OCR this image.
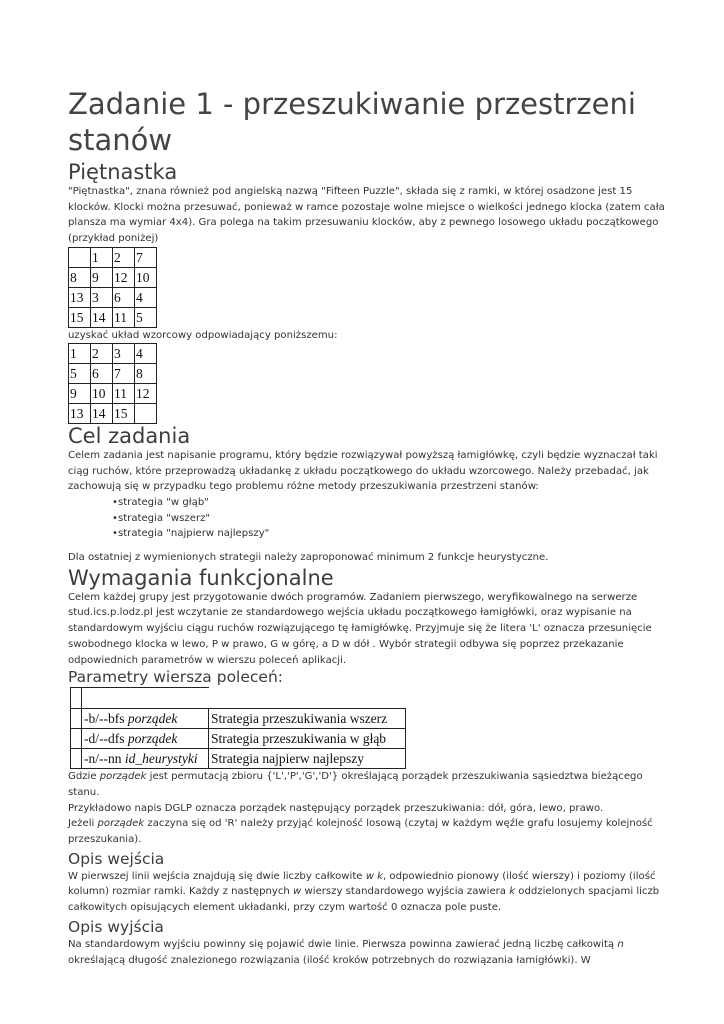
Zadanie 1 - przeszukiwanie przestrzeni stanów
Piętnastka

"Piętnastka", znana również pod angielską nazwą "Fifteen Puzzle", składa się z ramki, w której osadzone jest 15 klocków. Klocki można przesuwać, ponieważ w ramce pozostaje wolne miejsce o wielkości jednego klocka (zatem cała plansza ma wymiar 4x4). Gra polega na takim przesuwaniu klocków, aby z pewnego losowego układu początkowego (przykład poniżej)

	1	2	7
8	9	12	10
13	3	6	4
15	14	11	5
uzyskać układ wzorcowy odpowiadający poniższemu:
1	2	3	4
5	6	7	8
9	10	11	12
13	14	15	
Cel zadania

Celem zadania jest napisanie programu, który będzie rozwiązywał powyższą łamigłówkę, czyli będzie wyznaczał taki ciąg ruchów, które przeprowadzą układankę z układu początkowego do układu wzorcowego. Należy przebadać, jak zachowują się w przypadku tego problemu różne metody przeszukiwania przestrzeni stanów:

•strategia "w głąb"
•strategia "wszerz"
•strategia "najpierw najlepszy"

Dla ostatniej z wymienionych strategii należy zaproponować minimum 2 funkcje heurystyczne.

Wymagania funkcjonalne

Celem każdej grupy jest przygotowanie dwóch programów. Zadaniem pierwszego, weryfikowalnego na serwerze stud.ics.p.lodz.pl jest wczytanie ze standardowego wejścia układu początkowego łamigłówki, oraz wypisanie na standardowym wyjściu ciągu ruchów rozwiązującego tę łamigłówkę. Przyjmuje się że litera 'L' oznacza przesunięcie swobodnego klocka w lewo, P w prawo, G w górę, a D w dół . Wybór strategii odbywa się poprzez przekazanie odpowiednich parametrów w wierszu poleceń aplikacji.

Parametry wiersza poleceń:

	-b/--bfs porządek	Strategia przeszukiwania wszerz
	-d/--dfs porządek	Strategia przeszukiwania w głąb
	-n/--nn id_heurystyki	Strategia najpierw najlepszy

Gdzie porządek jest permutacją zbioru {'L','P','G','D'} określającą porządek przeszukiwania sąsiedztwa bieżącego stanu.

Przykładowo napis DGLP oznacza porządek następujący porządek przeszukiwania: dół, góra, lewo, prawo.

Jeżeli porządek zaczyna się od 'R' należy przyjąć kolejność losową (czytaj w każdym węźle grafu losujemy kolejność przeszukania).

Opis wejścia

W pierwszej linii wejścia znajdują się dwie liczby całkowite w k, odpowiednio pionowy (ilość wierszy) i poziomy (ilość kolumn) rozmiar ramki. Każdy z następnych w wierszy standardowego wyjścia zawiera k oddzielonych spacjami liczb całkowitych opisujących element układanki, przy czym wartość 0 oznacza pole puste.

Opis wyjścia

Na standardowym wyjściu powinny się pojawić dwie linie. Pierwsza powinna zawierać jedną liczbę całkowitą n określającą długość znalezionego rozwiązania (ilość kroków potrzebnych do rozwiązania łamigłówki). W
